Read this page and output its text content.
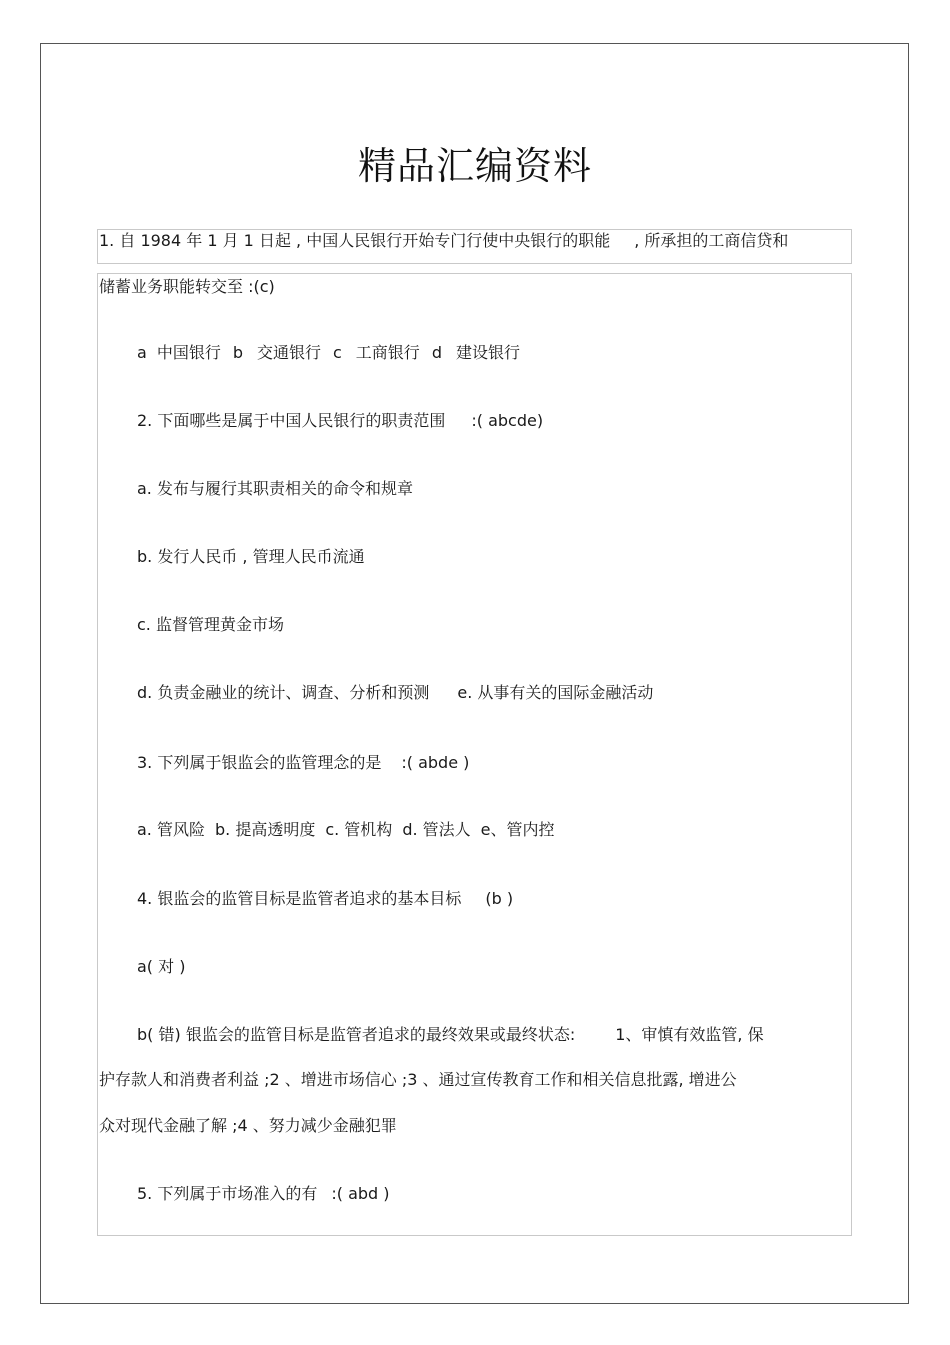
精品汇编资料
1. 自 1984 年 1 月 1 日起 , 中国人民银行开始专门行使中央银行的职能 , 所承担的工商信贷和
储蓄业务职能转交至 :(c)
a 中国银行 b 交通银行 c 工商银行 d 建设银行
2. 下面哪些是属于中国人民银行的职责范围 :( abcde)
a. 发布与履行其职责相关的命令和规章
b. 发行人民币 , 管理人民币流通
c. 监督管理黄金市场
d. 负责金融业的统计、调查、分析和预测 e. 从事有关的国际金融活动
3. 下列属于银监会的监管理念的是 :( abde )
a. 管风险 b. 提高透明度 c. 管机构 d. 管法人 e、管内控
4. 银监会的监管目标是监管者追求的基本目标 (b )
a( 对 )
b( 错) 银监会的监管目标是监管者追求的最终效果或最终状态:	1、审慎有效监管, 保
护存款人和消费者利益 ;2 、增进市场信心 ;3 、通过宣传教育工作和相关信息批露, 增进公
众对现代金融了解 ;4 、努力减少金融犯罪
5. 下列属于市场准入的有 :( abd )
